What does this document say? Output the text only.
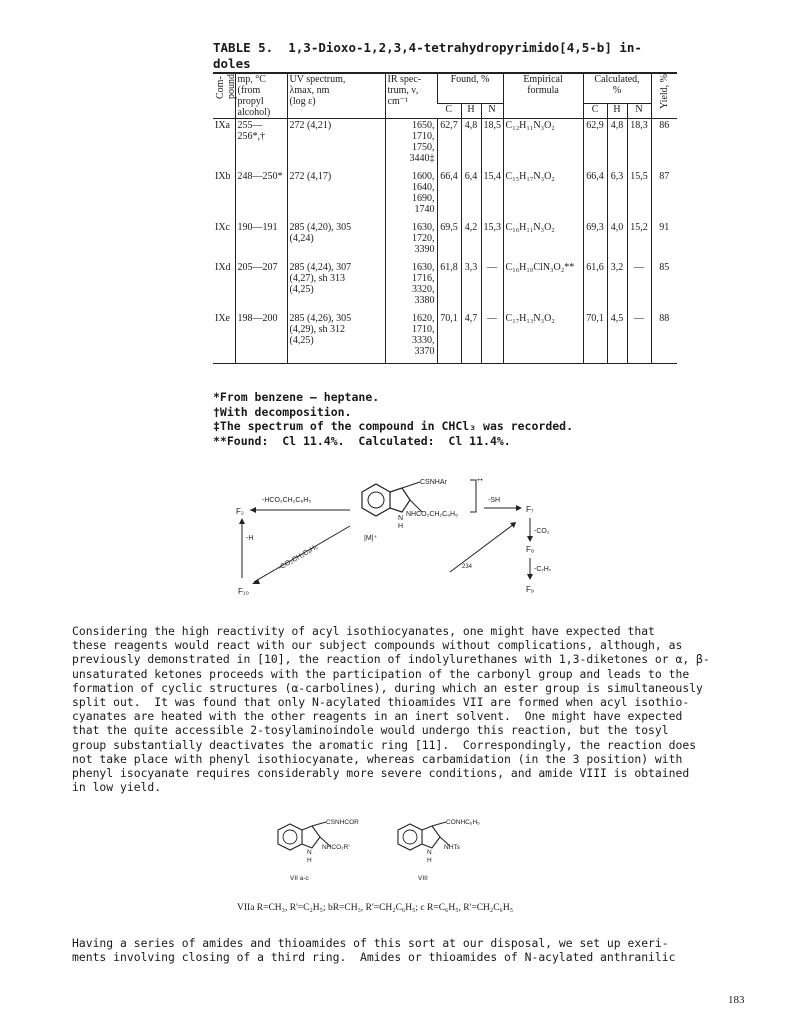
TABLE 5.  1,3-Dioxo-1,2,3,4-tetrahydropyrimido[4,5-b] in-
doles
Com-
pound	mp, °C
(from
propyl
alcohol)	UV spectrum,
λmax, nm
(log ε)	IR spec-
trum, ν,
cm⁻¹	Found, %			Empirical
formula	Calculated,
%			Yield, %

				C	H	N		C	H	N	
IXa	255—
256*,†	272 (4,21)	1650,
1710,
1750,
3440‡	62,7	4,8	18,5	C₁₂H₁₁N₃O₂	62,9	4,8	18,3	86
IXb	248—250*	272 (4,17)	1600,
1640,
1690,
1740	66,4	6,4	15,4	C₁₅H₁₇N₃O₂	66,4	6,3	15,5	87
IXc	190—191	285 (4,20), 305
(4,24)	1630,
1720,
3390	69,5	4,2	15,3	C₁₆H₁₁N₃O₂	69,3	4,0	15,2	91
IXd	205—207	285 (4,24), 307
(4,27), sh 313
(4,25)	1630,
1716,
3320,
3380	61,8	3,3	—	C₁₆H₁₀ClN₃O₂**	61,6	3,2	—	85
IXe	198—200	285 (4,26), 305
(4,29), sh 312
(4,25)	1620,
1710,
3330,
3370	70,1	4,7	—	C₁₇H₁₃N₃O₂	70,1	4,5	—	88
*From benzene — heptane.
†With decomposition.
‡The spectrum of the compound in CHCl₃ was recorded.
**Found:  Cl 11.4%.  Calculated:  Cl 11.4%.
CSNHAr
NHCO₂CH₂C₆H₅
N
H
+•
F₂
-HCO₂CH₂C₆H₅	-SH
F₇
-CO₂
F₈
-C₇H₇
F₉
234
-H
F₁₀
-CO₂CH₂C₆H₅
|M|⁺
Considering the high reactivity of acyl isothiocyanates, one might have expected that
these reagents would react with our subject compounds without complications, although, as
previously demonstrated in [10], the reaction of indolylurethanes with 1,3-diketones or α, β-
unsaturated ketones proceeds with the participation of the carbonyl group and leads to the
formation of cyclic structures (α-carbolines), during which an ester group is simultaneously
split out.  It was found that only N-acylated thioamides VII are formed when acyl isothio-
cyanates are heated with the other reagents in an inert solvent.  One might have expected
that the quite accessible 2-tosylaminoindole would undergo this reaction, but the tosyl
group substantially deactivates the aromatic ring [11].  Correspondingly, the reaction does
not take place with phenyl isothiocyanate, whereas carbamidation (in the 3 position) with
phenyl isocyanate requires considerably more severe conditions, and amide VIII is obtained
in low yield.
CSNHCOR
NHCO₂R'
N
H
VII a-c
CONHC₆H₅
NHTs
N
H
VIII
VIIa R=CH₃, R'=C₂H₅; bR=CH₃, R'=CH₂C₆H₅; c R=C₆H₅, R'=CH₂C₆H₅
Having a series of amides and thioamides of this sort at our disposal, we set up exeri-
ments involving closing of a third ring.  Amides or thioamides of N-acylated anthranilic
183
